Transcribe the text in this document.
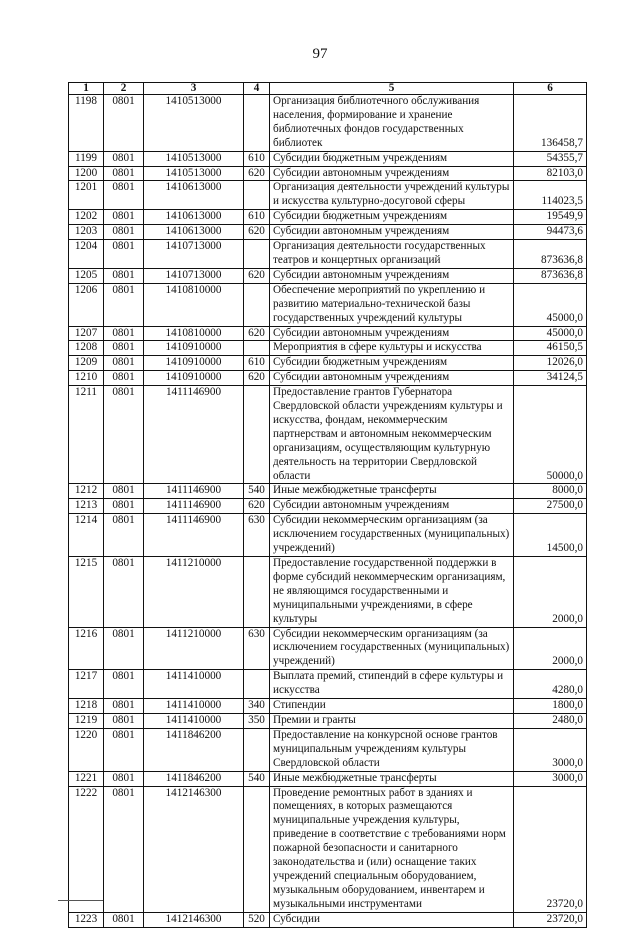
97
1	2	3	4	5	6
1198	0801	1410513000		Организация библиотечного обслуживания населения, формирование и хранение библиотечных фондов государственных библиотек	136458,7
1199	0801	1410513000	610	Субсидии бюджетным учреждениям	54355,7
1200	0801	1410513000	620	Субсидии автономным учреждениям	82103,0
1201	0801	1410613000		Организация деятельности учреждений культуры и искусства культурно-досуговой сферы	114023,5
1202	0801	1410613000	610	Субсидии бюджетным учреждениям	19549,9
1203	0801	1410613000	620	Субсидии автономным учреждениям	94473,6
1204	0801	1410713000		Организация деятельности государственных театров и концертных организаций	873636,8
1205	0801	1410713000	620	Субсидии автономным учреждениям	873636,8
1206	0801	1410810000		Обеспечение мероприятий по укреплению и развитию материально-технической базы государственных учреждений культуры	45000,0
1207	0801	1410810000	620	Субсидии автономным учреждениям	45000,0
1208	0801	1410910000		Мероприятия в сфере культуры и искусства	46150,5
1209	0801	1410910000	610	Субсидии бюджетным учреждениям	12026,0
1210	0801	1410910000	620	Субсидии автономным учреждениям	34124,5
1211	0801	1411146900		Предоставление грантов Губернатора Свердловской области учреждениям культуры и искусства, фондам, некоммерческим партнерствам и автономным некоммерческим организациям, осуществляющим культурную деятельность на территории Свердловской области	50000,0
1212	0801	1411146900	540	Иные межбюджетные трансферты	8000,0
1213	0801	1411146900	620	Субсидии автономным учреждениям	27500,0
1214	0801	1411146900	630	Субсидии некоммерческим организациям (за исключением государственных (муниципальных) учреждений)	14500,0
1215	0801	1411210000		Предоставление государственной поддержки в форме субсидий некоммерческим организациям, не являющимся государственными и муниципальными учреждениями, в сфере культуры	2000,0
1216	0801	1411210000	630	Субсидии некоммерческим организациям (за исключением государственных (муниципальных) учреждений)	2000,0
1217	0801	1411410000		Выплата премий, стипендий в сфере культуры и искусства	4280,0
1218	0801	1411410000	340	Стипендии	1800,0
1219	0801	1411410000	350	Премии и гранты	2480,0
1220	0801	1411846200		Предоставление на конкурсной основе грантов муниципальным учреждениям культуры Свердловской области	3000,0
1221	0801	1411846200	540	Иные межбюджетные трансферты	3000,0
1222	0801	1412146300		Проведение ремонтных работ в зданиях и помещениях, в которых размещаются муниципальные учреждения культуры, приведение в соответствие с требованиями норм пожарной безопасности и санитарного законодательства и (или) оснащение таких учреждений специальным оборудованием, музыкальным оборудованием, инвентарем и музыкальными инструментами	23720,0
1223	0801	1412146300	520	Субсидии	23720,0
